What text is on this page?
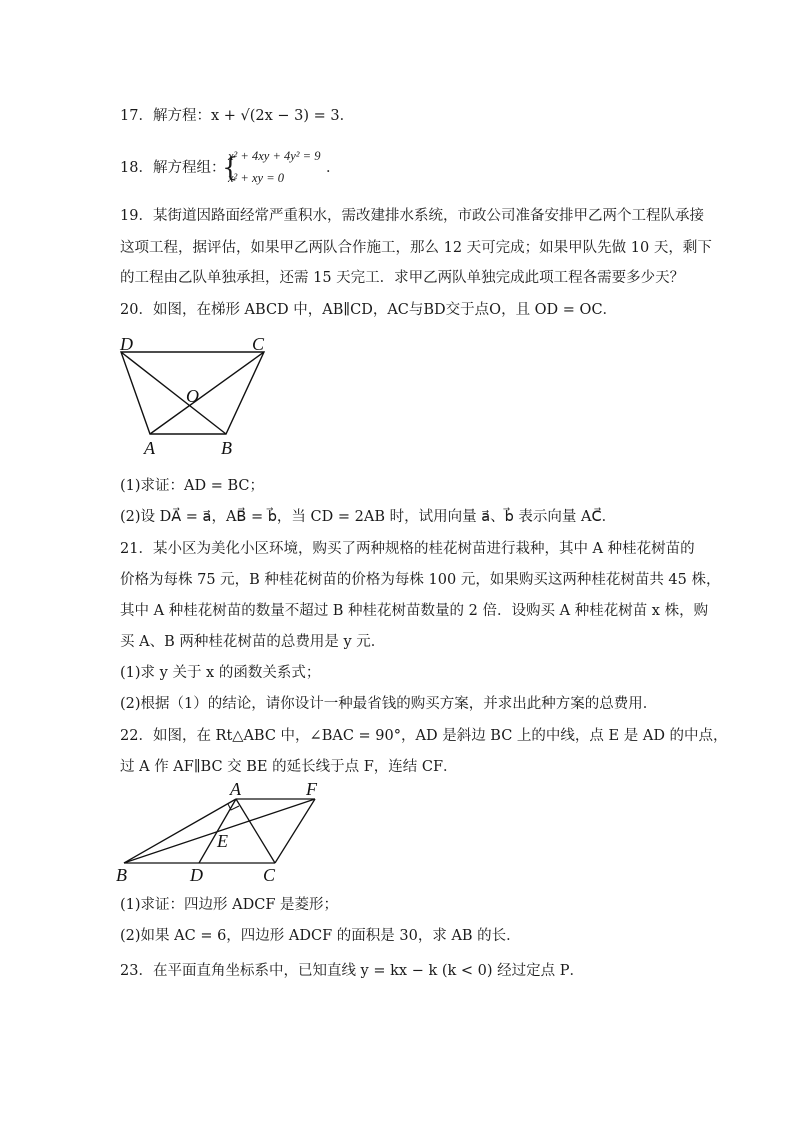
17．解方程：x + √(2x − 3) = 3．
18．解方程组：
{
x² + 4xy + 4y² = 9
x² + xy = 0
．
19．某街道因路面经常严重积水，需改建排水系统，市政公司准备安排甲乙两个工程队承接
这项工程，据评估，如果甲乙两队合作施工，那么 12 天可完成；如果甲队先做 10 天，剩下
的工程由乙队单独承担，还需 15 天完工．求甲乙两队单独完成此项工程各需要多少天？
20．如图，在梯形 ABCD 中，AB∥CD，AC与BD交于点O，且 OD = OC．
D	C
O
A	B
(1)求证：AD = BC；
(2)设 DA⃗ = a⃗，AB⃗ = b⃗，当 CD = 2AB 时，试用向量 a⃗、b⃗ 表示向量 AC⃗．
21．某小区为美化小区环境，购买了两种规格的桂花树苗进行栽种，其中 A 种桂花树苗的
价格为每株 75 元，B 种桂花树苗的价格为每株 100 元，如果购买这两种桂花树苗共 45 株，
其中 A 种桂花树苗的数量不超过 B 种桂花树苗数量的 2 倍．设购买 A 种桂花树苗 x 株，购
买 A、B 两种桂花树苗的总费用是 y 元．
(1)求 y 关于 x 的函数关系式；
(2)根据（1）的结论，请你设计一种最省钱的购买方案，并求出此种方案的总费用．
22．如图，在 Rt△ABC 中，∠BAC = 90°，AD 是斜边 BC 上的中线，点 E 是 AD 的中点，
过 A 作 AF∥BC 交 BE 的延长线于点 F，连结 CF．
A	F
E
B	D	C
(1)求证：四边形 ADCF 是菱形；
(2)如果 AC = 6，四边形 ADCF 的面积是 30，求 AB 的长．
23．在平面直角坐标系中，已知直线 y = kx − k (k < 0) 经过定点 P．
